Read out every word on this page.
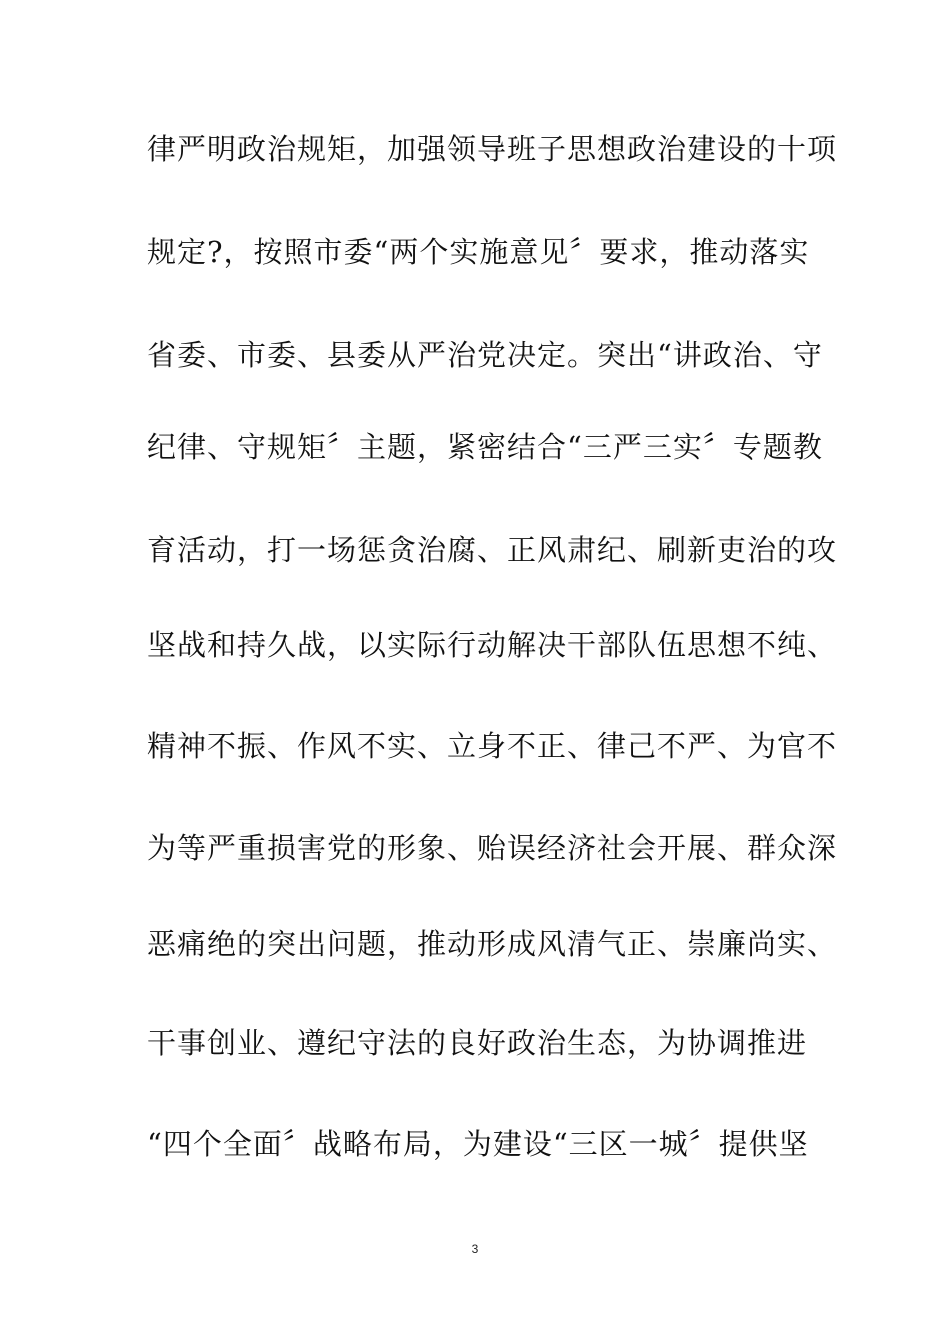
律严明政治规矩，加强领导班子思想政治建设的十项
规定?，按照市委“两个实施意见〞要求，推动落实
省委、市委、县委从严治党决定。突出“讲政治、守
纪律、守规矩〞主题，紧密结合“三严三实〞专题教
育活动，打一场惩贪治腐、正风肃纪、刷新吏治的攻
坚战和持久战，以实际行动解决干部队伍思想不纯、
精神不振、作风不实、立身不正、律己不严、为官不
为等严重损害党的形象、贻误经济社会开展、群众深
恶痛绝的突出问题，推动形成风清气正、崇廉尚实、
干事创业、遵纪守法的良好政治生态，为协调推进
“四个全面〞战略布局，为建设“三区一城〞提供坚
3
